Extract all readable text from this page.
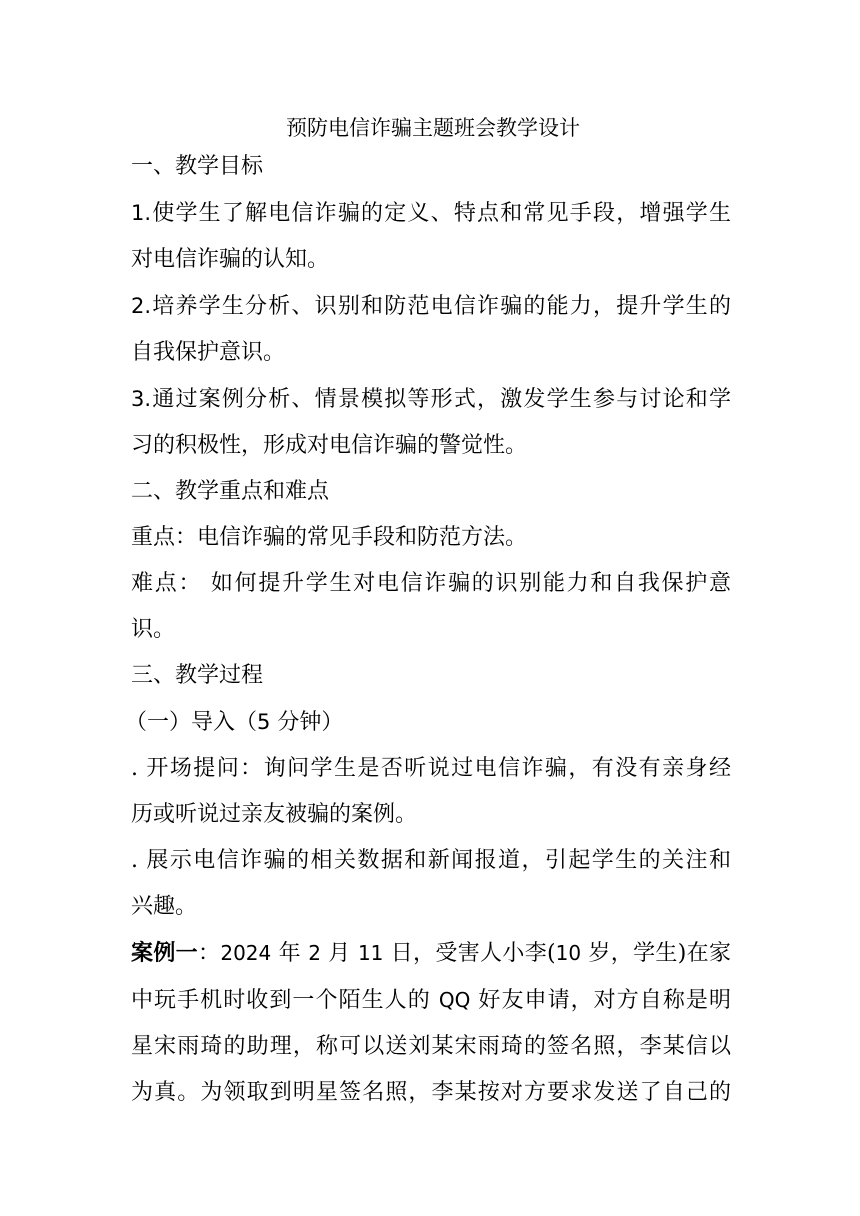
预防电信诈骗主题班会教学设计

一、教学目标

1.使学生了解电信诈骗的定义、特点和常见手段，增强学生

对电信诈骗的认知。

2.培养学生分析、识别和防范电信诈骗的能力，提升学生的

自我保护意识。

3.通过案例分析、情景模拟等形式，激发学生参与讨论和学

习的积极性，形成对电信诈骗的警觉性。

二、教学重点和难点

重点：电信诈骗的常见手段和防范方法。

难点： 如何提升学生对电信诈骗的识别能力和自我保护意

识。

三、教学过程

（一）导入（5 分钟）

. 开场提问：询问学生是否听说过电信诈骗，有没有亲身经

历或听说过亲友被骗的案例。

. 展示电信诈骗的相关数据和新闻报道，引起学生的关注和

兴趣。

案例一：2024 年 2 月 11 日，受害人小李(10 岁，学生)在家

中玩手机时收到一个陌生人的 QQ 好友申请，对方自称是明

星宋雨琦的助理，称可以送刘某宋雨琦的签名照，李某信以

为真。为领取到明星签名照，李某按对方要求发送了自己的
